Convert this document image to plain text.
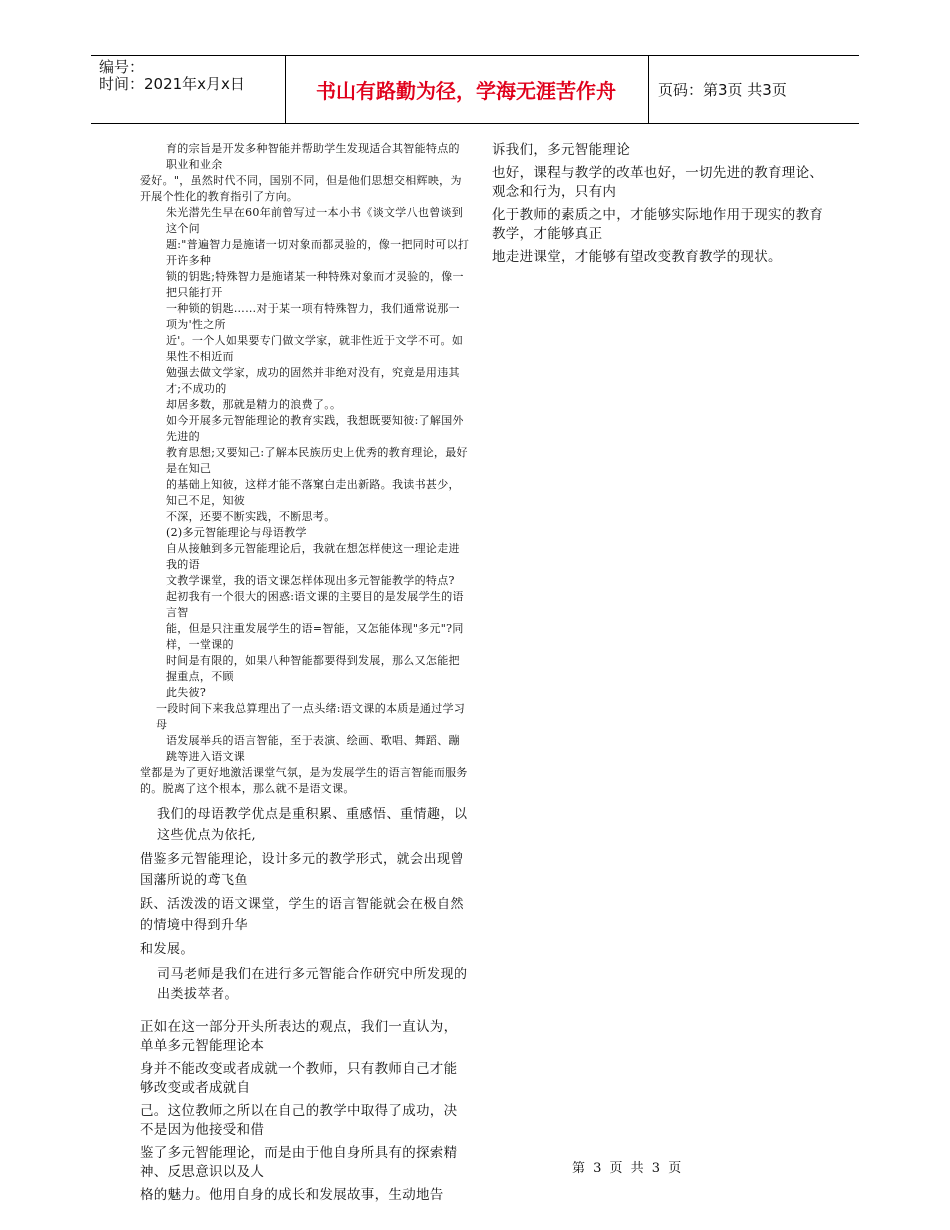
编号：
时间：2021年x月x日	书山有路勤为径，学海无涯苦作舟	页码：第3页 共3页

育的宗旨是开发多种智能并帮助学生发现适合其智能特点的职业和业余

爱好。"，虽然时代不同，国别不同，但是他们思想交相辉映，为开展个性化的教育指引了方向。

朱光潜先生早在60年前曾写过一本小书《谈文学八也曾谈到这个问

题:"普遍智力是施诸一切对象而都灵验的，像一把同时可以打开许多种

锁的钥匙;特殊智力是施诸某一种特殊对象而才灵验的，像一把只能打开

一种锁的钥匙……对于某一项有特殊智力，我们通常说那一项为'性之所

近'。一个人如果要专门做文学家，就非性近于文学不可。如果性不相近而

勉强去做文学家，成功的固然并非绝对没有，究竟是用违其才;不成功的

却居多数，那就是精力的浪费了。。

如今开展多元智能理论的教育实践，我想既要知彼:了解国外先进的

教育思想;又要知己:了解本民族历史上优秀的教育理论，最好是在知己

的基础上知彼，这样才能不落窠白走出新路。我读书甚少，知己不足，知彼

不深，还要不断实践，不断思考。

(2)多元智能理论与母语教学

自从接触到多元智能理论后，我就在想怎样使这一理论走进我的语

文教学课堂，我的语文课怎样体现出多元智能教学的特点?

起初我有一个很大的困惑:语文课的主要目的是发展学生的语言智

能，但是只注重发展学生的语=智能，又怎能体现"多元"?同样，一堂课的

时间是有限的，如果八种智能都要得到发展，那么又怎能把握重点，不顾

此失彼?

一段时间下来我总算理出了一点头绪:语文课的本质是通过学习母

语发展举兵的语言智能，至于表演、绘画、歌唱、舞蹈、蹦跳等进入语文课

堂都是为了更好地激活课堂气氛，是为发展学生的语言智能而服务的。脱离了这个根本，那么就不是语文课。

我们的母语教学优点是重积累、重感悟、重情趣，以这些优点为依托,

借鉴多元智能理论，设计多元的教学形式，就会出现曾国藩所说的鸢飞鱼

跃、活泼泼的语文课堂，学生的语言智能就会在极自然的情境中得到升华

和发展。

司马老师是我们在进行多元智能合作研究中所发现的出类拔萃者。

正如在这一部分开头所表达的观点，我们一直认为，单单多元智能理论本

身并不能改变或者成就一个教师，只有教师自己才能够改变或者成就自

己。这位教师之所以在自己的教学中取得了成功，决不是因为他接受和借

鉴了多元智能理论，而是由于他自身所具有的探索精神、反思意识以及人

格的魅力。他用自身的成长和发展故事，生动地告

诉我们，多元智能理论

也好，课程与教学的改革也好，一切先进的教育理论、观念和行为，只有内

化于教师的素质之中，才能够实际地作用于现实的教育教学，才能够真正

地走进课堂，才能够有望改变教育教学的现状。

第 3 页 共 3 页
